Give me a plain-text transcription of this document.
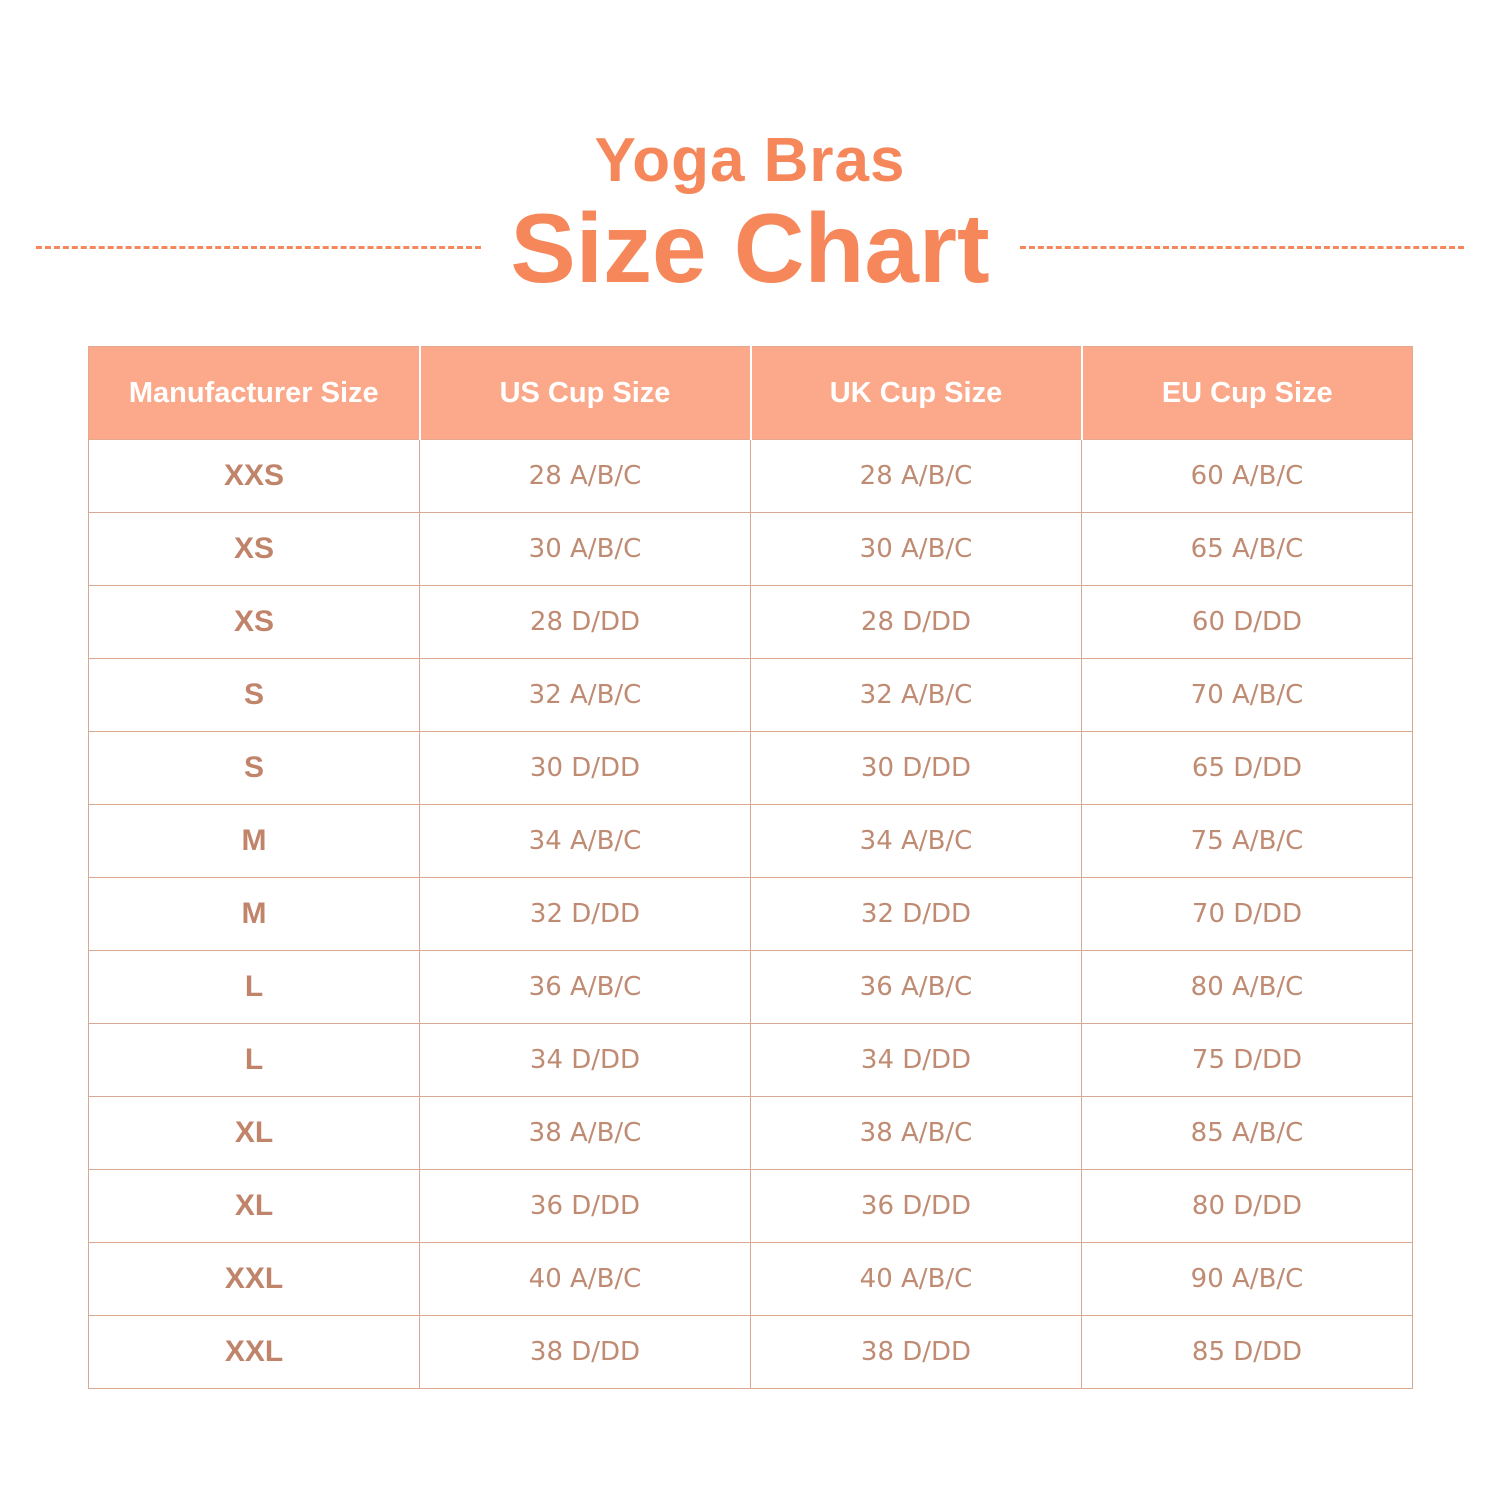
Yoga Bras
Size Chart
Manufacturer Size	US Cup Size	UK Cup Size	EU Cup Size
XXS	28 A/B/C	28 A/B/C	60 A/B/C
XS	30 A/B/C	30 A/B/C	65 A/B/C
XS	28 D/DD	28 D/DD	60 D/DD
S	32 A/B/C	32 A/B/C	70 A/B/C
S	30 D/DD	30 D/DD	65 D/DD
M	34 A/B/C	34 A/B/C	75 A/B/C
M	32 D/DD	32 D/DD	70 D/DD
L	36 A/B/C	36 A/B/C	80 A/B/C
L	34 D/DD	34 D/DD	75 D/DD
XL	38 A/B/C	38 A/B/C	85 A/B/C
XL	36 D/DD	36 D/DD	80 D/DD
XXL	40 A/B/C	40 A/B/C	90 A/B/C
XXL	38 D/DD	38 D/DD	85 D/DD
